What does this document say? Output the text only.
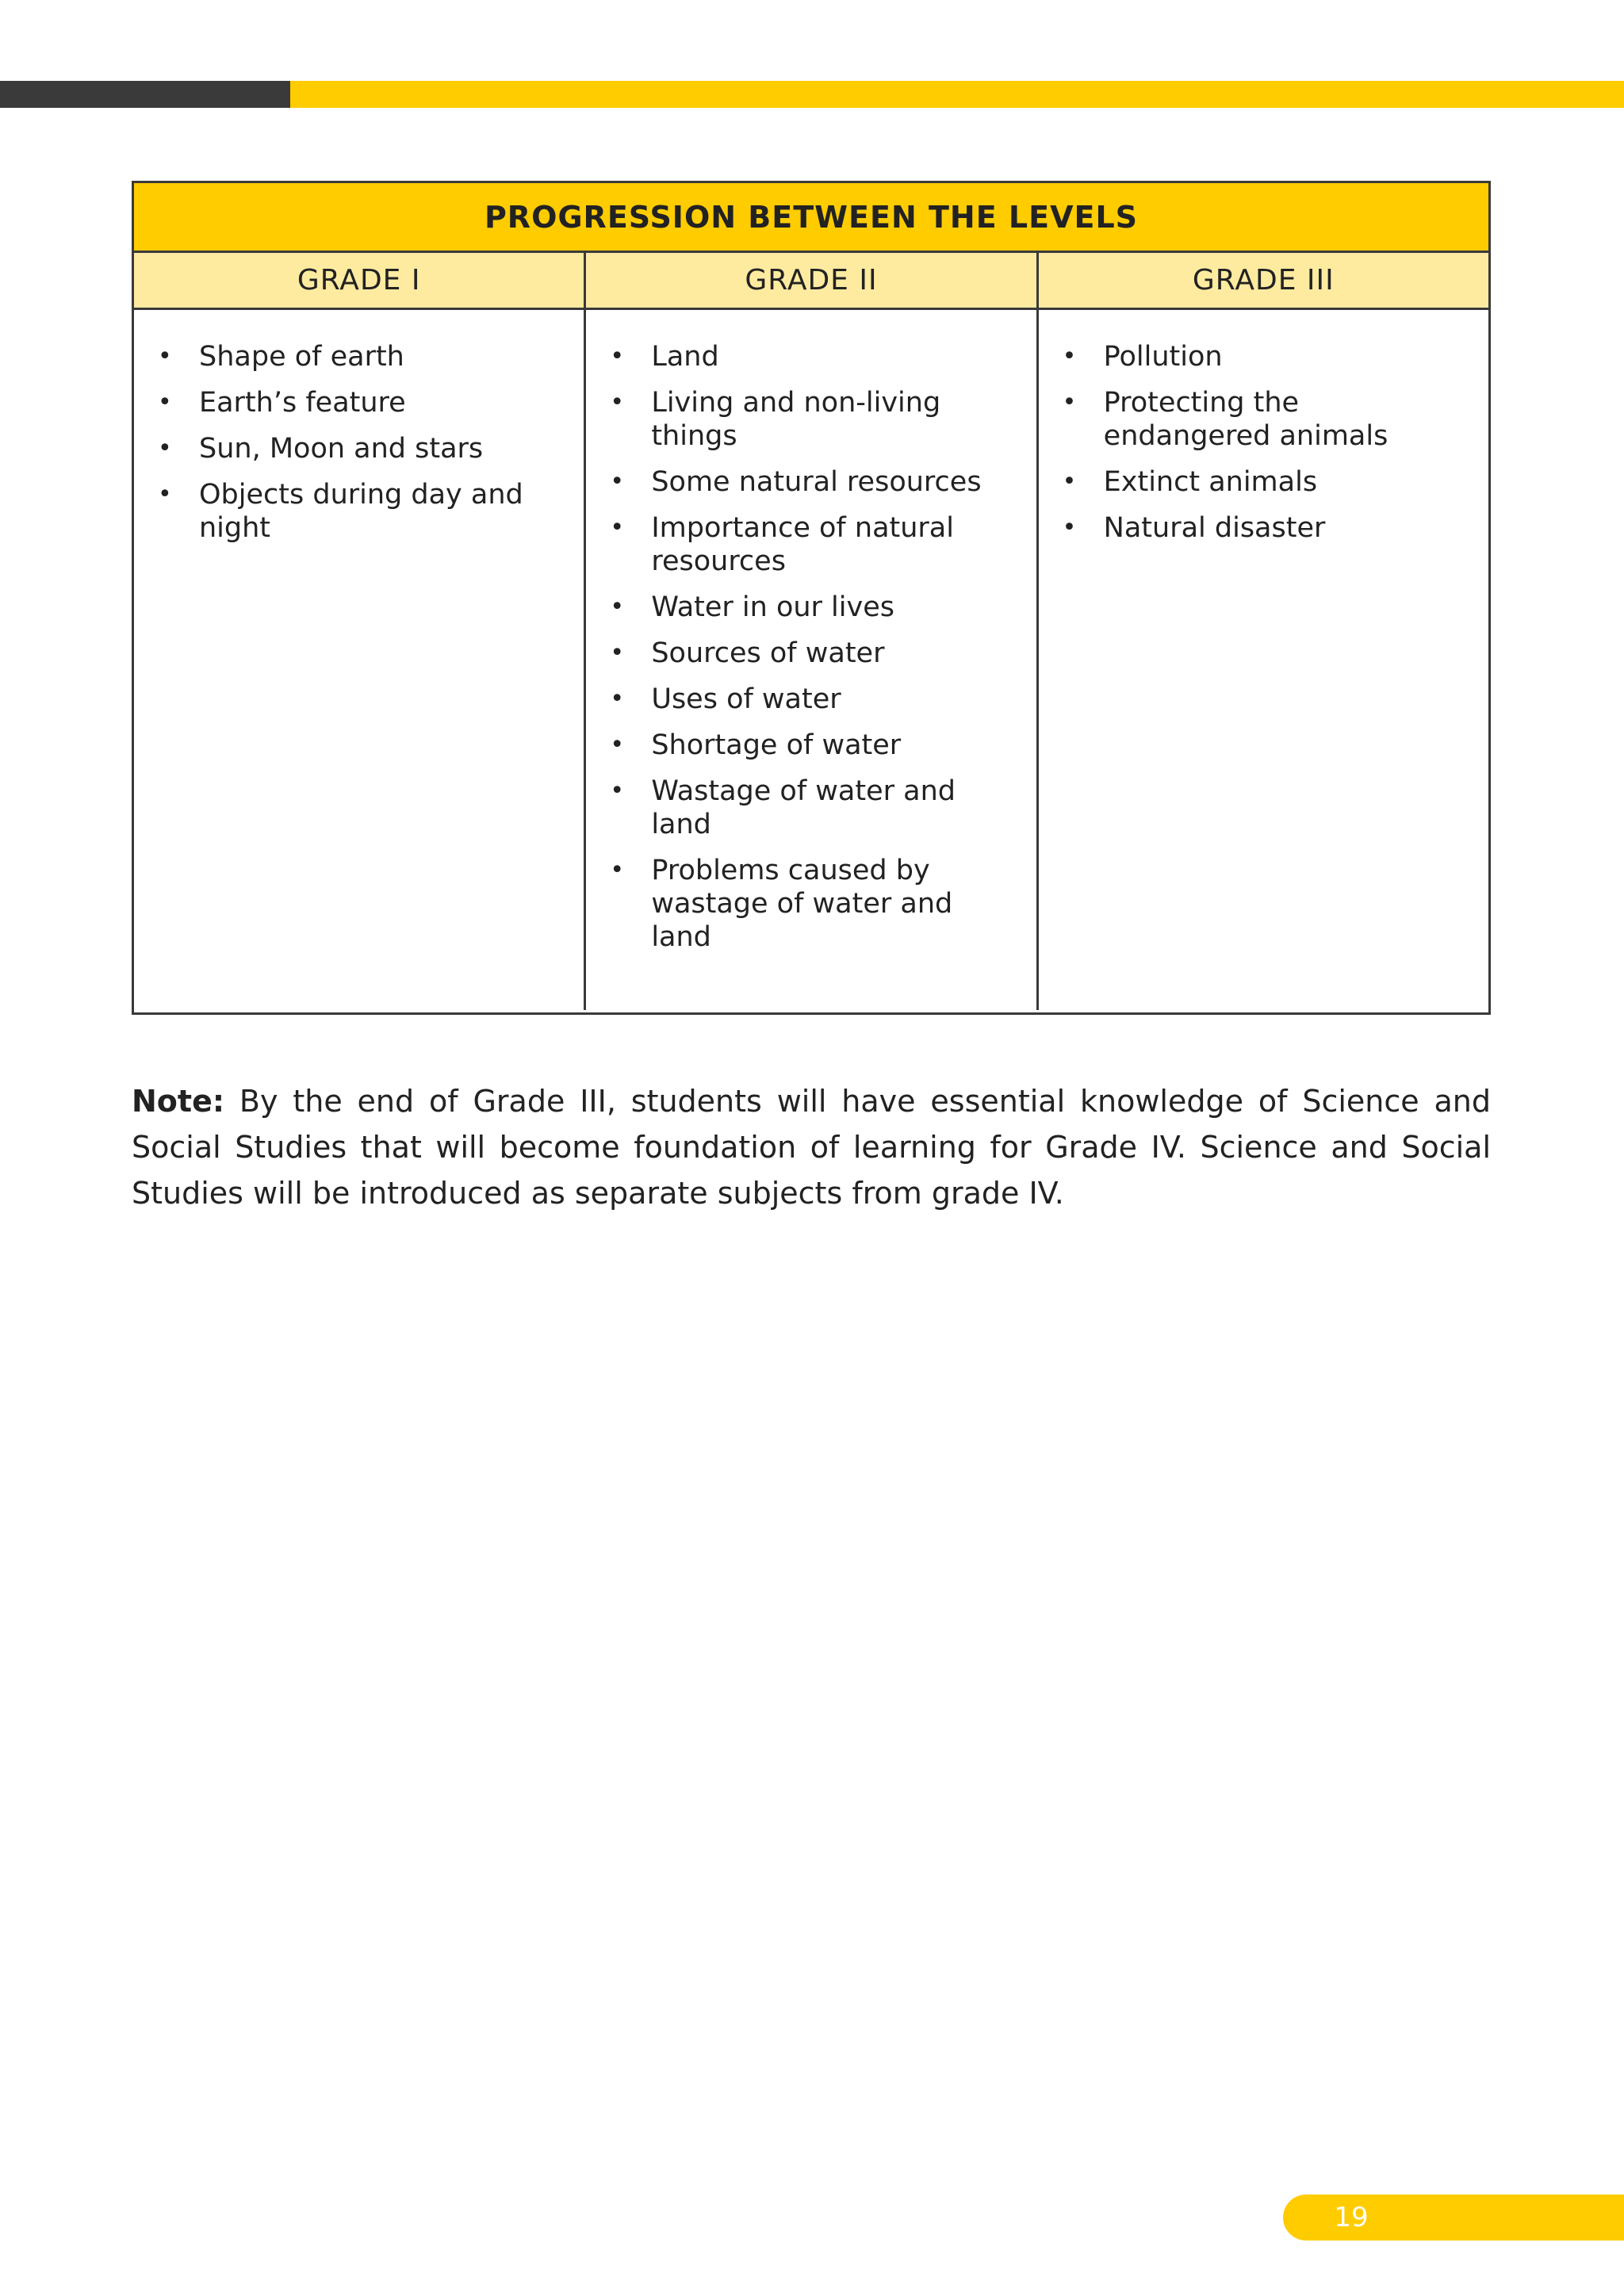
PROGRESSION BETWEEN THE LEVELS
GRADE I	GRADE II	GRADE III
• Shape of earth
• Earth’s feature
• Sun, Moon and stars
• Objects during day and night
• Land
• Living and non-living things
• Some natural resources
• Importance of natural resources
• Water in our lives
• Sources of water
• Uses of water
• Shortage of water
• Wastage of water and land
• Problems caused by wastage of water and land
• Pollution
• Protecting the endangered animals
• Extinct animals
• Natural disaster

Note: By the end of Grade III, students will have essential knowledge of Science and Social Studies that will become foundation of learning for Grade IV. Science and Social Studies will be introduced as separate subjects from grade IV.

19
